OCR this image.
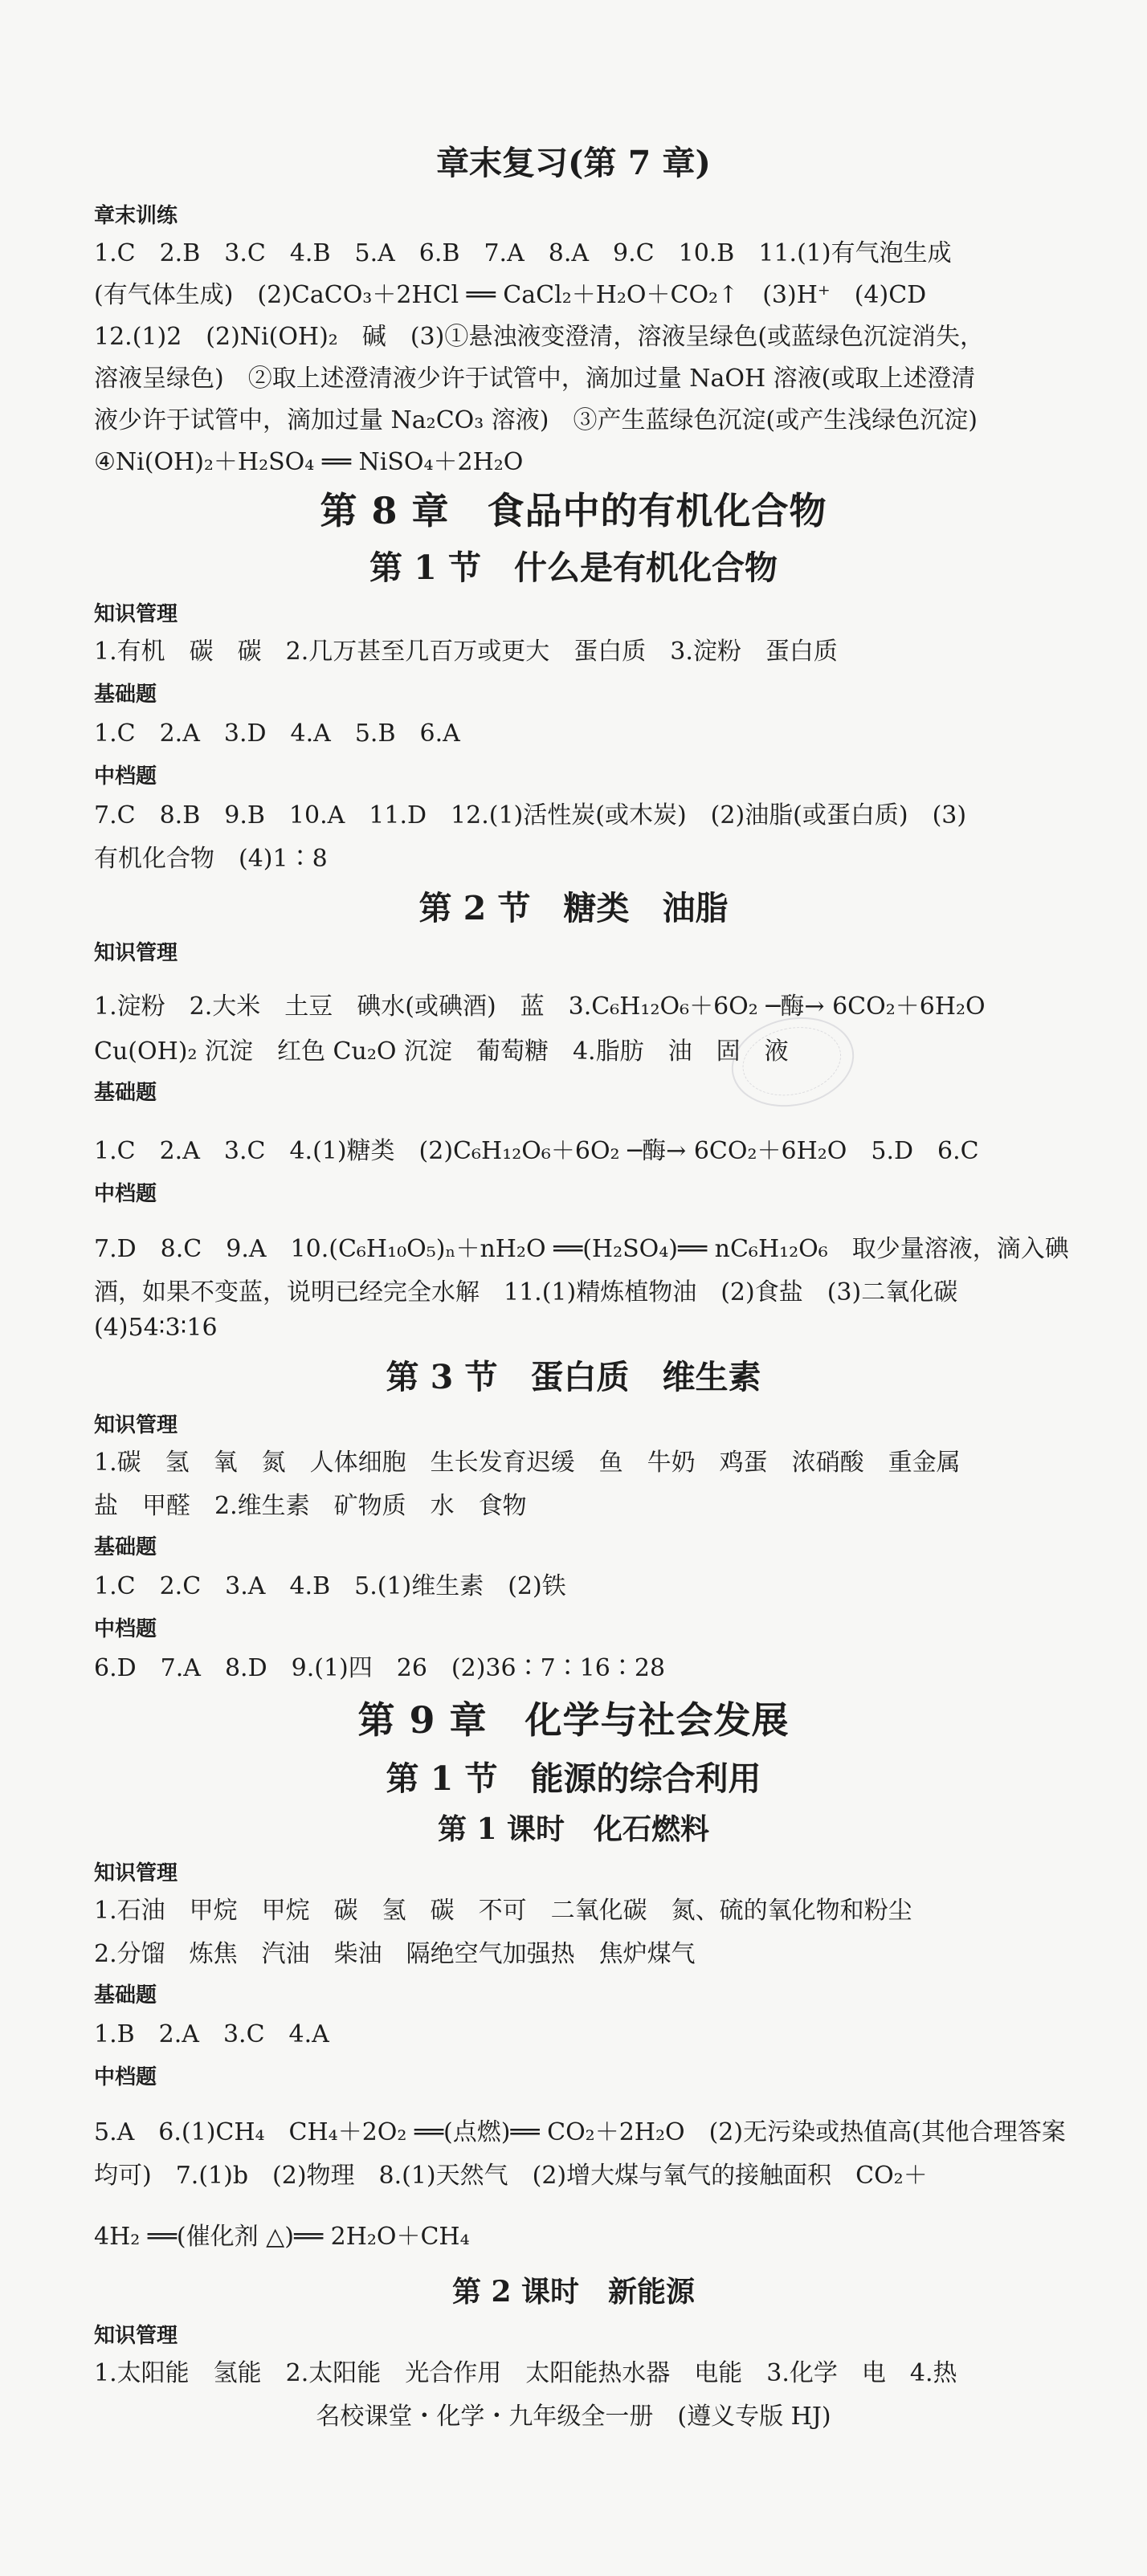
章末复习(第 7 章)
章末训练
1.C　2.B　3.C　4.B　5.A　6.B　7.A　8.A　9.C　10.B　11.(1)有气泡生成
(有气体生成)　(2)CaCO₃＋2HCl ══ CaCl₂＋H₂O＋CO₂↑　(3)H⁺　(4)CD
12.(1)2　(2)Ni(OH)₂　碱　(3)①悬浊液变澄清，溶液呈绿色(或蓝绿色沉淀消失，
溶液呈绿色)　②取上述澄清液少许于试管中，滴加过量 NaOH 溶液(或取上述澄清
液少许于试管中，滴加过量 Na₂CO₃ 溶液)　③产生蓝绿色沉淀(或产生浅绿色沉淀)
④Ni(OH)₂＋H₂SO₄ ══ NiSO₄＋2H₂O
第 8 章　食品中的有机化合物
第 1 节　什么是有机化合物
知识管理
1.有机　碳　碳　2.几万甚至几百万或更大　蛋白质　3.淀粉　蛋白质
基础题
1.C　2.A　3.D　4.A　5.B　6.A
中档题
7.C　8.B　9.B　10.A　11.D　12.(1)活性炭(或木炭)　(2)油脂(或蛋白质)　(3)
有机化合物　(4)1∶8
第 2 节　糖类　油脂
知识管理
1.淀粉　2.大米　土豆　碘水(或碘酒)　蓝　3.C₆H₁₂O₆＋6O₂ ─酶→ 6CO₂＋6H₂O
Cu(OH)₂ 沉淀　红色 Cu₂O 沉淀　葡萄糖　4.脂肪　油　固　液
基础题
1.C　2.A　3.C　4.(1)糖类　(2)C₆H₁₂O₆＋6O₂ ─酶→ 6CO₂＋6H₂O　5.D　6.C
中档题
7.D　8.C　9.A　10.(C₆H₁₀O₅)ₙ＋nH₂O ══(H₂SO₄)══ nC₆H₁₂O₆　取少量溶液，滴入碘
酒，如果不变蓝，说明已经完全水解　11.(1)精炼植物油　(2)食盐　(3)二氧化碳
(4)54∶3∶16
第 3 节　蛋白质　维生素
知识管理
1.碳　氢　氧　氮　人体细胞　生长发育迟缓　鱼　牛奶　鸡蛋　浓硝酸　重金属
盐　甲醛　2.维生素　矿物质　水　食物
基础题
1.C　2.C　3.A　4.B　5.(1)维生素　(2)铁
中档题
6.D　7.A　8.D　9.(1)四　26　(2)36∶7∶16∶28
第 9 章　化学与社会发展
第 1 节　能源的综合利用
第 1 课时　化石燃料
知识管理
1.石油　甲烷　甲烷　碳　氢　碳　不可　二氧化碳　氮、硫的氧化物和粉尘
2.分馏　炼焦　汽油　柴油　隔绝空气加强热　焦炉煤气
基础题
1.B　2.A　3.C　4.A
中档题
5.A　6.(1)CH₄　CH₄＋2O₂ ══(点燃)══ CO₂＋2H₂O　(2)无污染或热值高(其他合理答案
均可)　7.(1)b　(2)物理　8.(1)天然气　(2)增大煤与氧气的接触面积　CO₂＋
4H₂ ══(催化剂 △)══ 2H₂O＋CH₄
第 2 课时　新能源
知识管理
1.太阳能　氢能　2.太阳能　光合作用　太阳能热水器　电能　3.化学　电　4.热
名校课堂・化学・九年级全一册　(遵义专版 HJ)
